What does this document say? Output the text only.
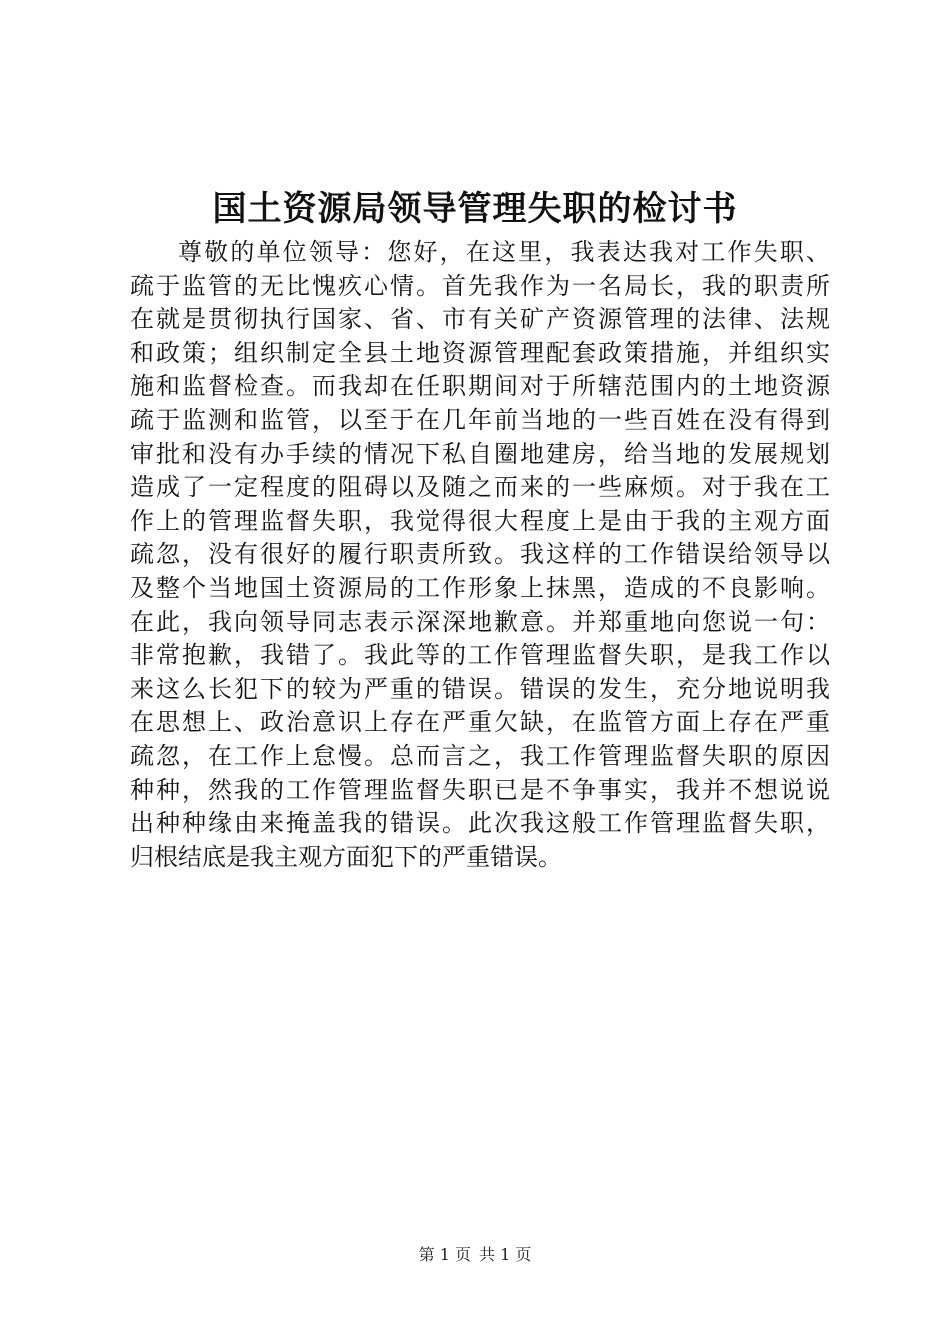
国土资源局领导管理失职的检讨书
尊敬的单位领导：您好，在这里，我表达我对工作失职、
疏于监管的无比愧疚心情。首先我作为一名局长，我的职责所
在就是贯彻执行国家、省、市有关矿产资源管理的法律、法规
和政策；组织制定全县土地资源管理配套政策措施，并组织实
施和监督检查。而我却在任职期间对于所辖范围内的土地资源
疏于监测和监管，以至于在几年前当地的一些百姓在没有得到
审批和没有办手续的情况下私自圈地建房，给当地的发展规划
造成了一定程度的阻碍以及随之而来的一些麻烦。对于我在工
作上的管理监督失职，我觉得很大程度上是由于我的主观方面
疏忽，没有很好的履行职责所致。我这样的工作错误给领导以
及整个当地国土资源局的工作形象上抹黑，造成的不良影响。
在此，我向领导同志表示深深地歉意。并郑重地向您说一句：
非常抱歉，我错了。我此等的工作管理监督失职，是我工作以
来这么长犯下的较为严重的错误。错误的发生，充分地说明我
在思想上、政治意识上存在严重欠缺，在监管方面上存在严重
疏忽，在工作上怠慢。总而言之，我工作管理监督失职的原因
种种，然我的工作管理监督失职已是不争事实，我并不想说说
出种种缘由来掩盖我的错误。此次我这般工作管理监督失职，
归根结底是我主观方面犯下的严重错误。
第 1 页 共 1 页
